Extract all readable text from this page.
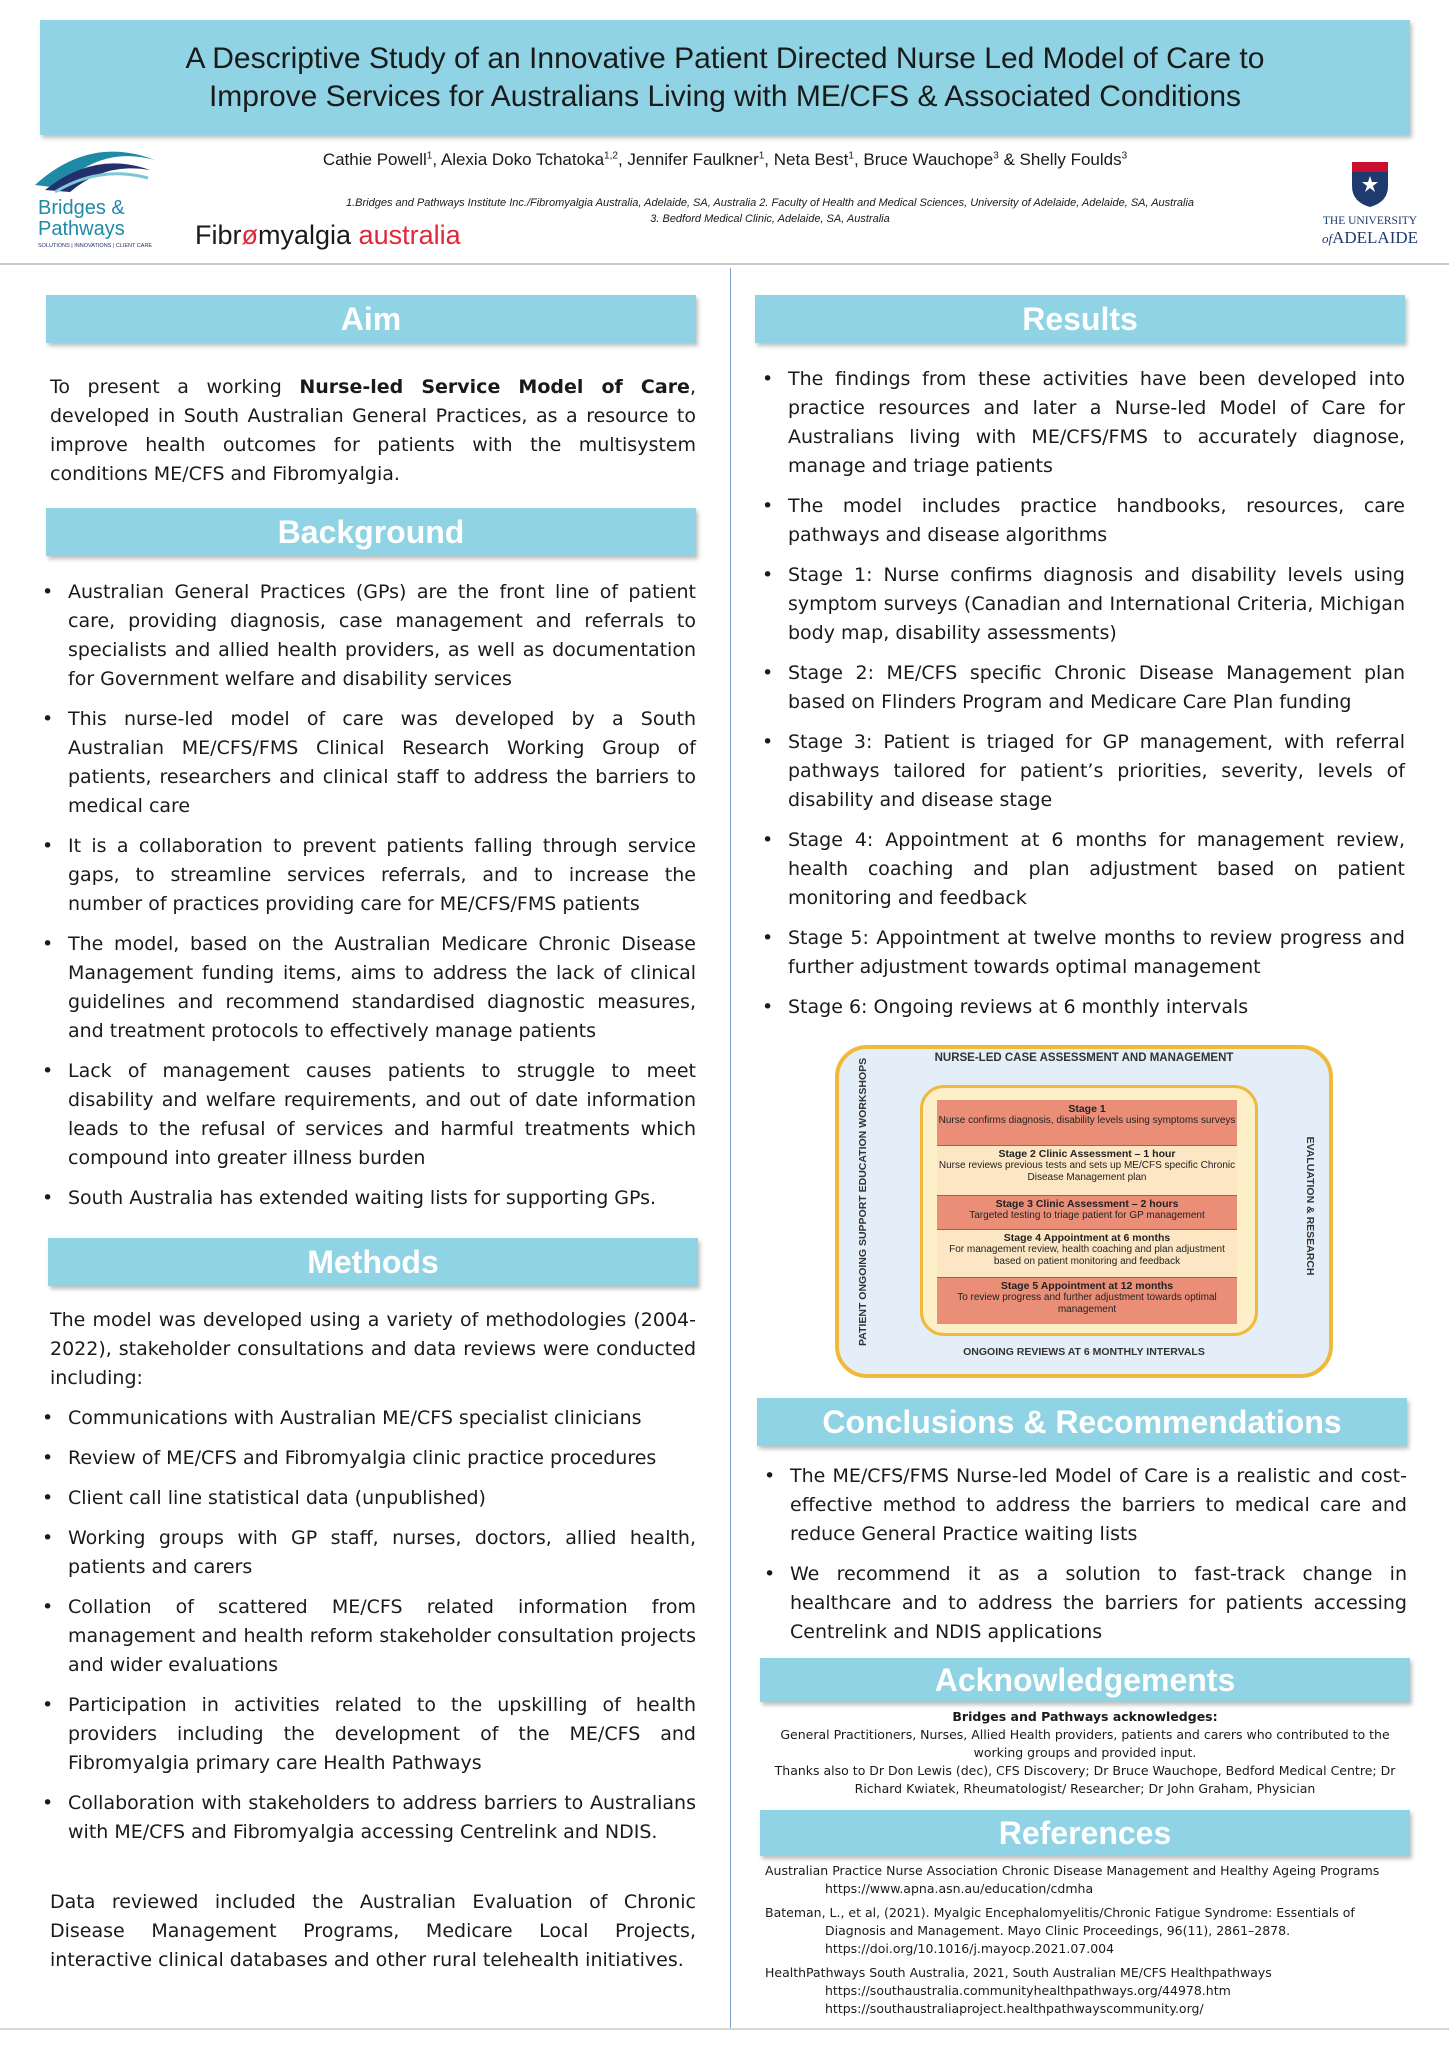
A Descriptive Study of an Innovative Patient Directed Nurse Led Model of Care to
Improve Services for Australians Living with ME/CFS & Associated Conditions
Bridges &
Pathways
SOLUTIONS | INNOVATIONS | CLIENT CARE Fibrømyalgia australia
Cathie Powell$^1$, Alexia Doko Tchatoka$^{1,2}$, Jennifer Faulkner$^1$, Neta Best$^1$, Bruce Wauchope$^3$ & Shelly Foulds$^3$
1.Bridges and Pathways Institute Inc./Fibromyalgia Australia, Adelaide, SA, Australia 2. Faculty of Health and Medical Sciences, University of Adelaide, Adelaide, SA, Australia
3. Bedford Medical Clinic, Adelaide, SA, Australia	THE UNIVERSITY
ofADELAIDE
Aim
To present a working Nurse-led Service Model of Care, developed in South Australian General Practices, as a resource to improve health outcomes for patients with the multisystem conditions ME/CFS and Fibromyalgia.
Background
• Australian General Practices (GPs) are the front line of patient care, providing diagnosis, case management and referrals to specialists and allied health providers, as well as documentation for Government welfare and disability services
• This nurse-led model of care was developed by a South Australian ME/CFS/FMS Clinical Research Working Group of patients, researchers and clinical staff to address the barriers to medical care
• It is a collaboration to prevent patients falling through service gaps, to streamline services referrals, and to increase the number of practices providing care for ME/CFS/FMS patients
• The model, based on the Australian Medicare Chronic Disease Management funding items, aims to address the lack of clinical guidelines and recommend standardised diagnostic measures, and treatment protocols to effectively manage patients
• Lack of management causes patients to struggle to meet disability and welfare requirements, and out of date information leads to the refusal of services and harmful treatments which compound into greater illness burden
• South Australia has extended waiting lists for supporting GPs.
Methods
The model was developed using a variety of methodologies (2004-2022), stakeholder consultations and data reviews were conducted including:
• Communications with Australian ME/CFS specialist clinicians
• Review of ME/CFS and Fibromyalgia clinic practice procedures
• Client call line statistical data (unpublished)
• Working groups with GP staff, nurses, doctors, allied health, patients and carers
• Collation of scattered ME/CFS related information from management and health reform stakeholder consultation projects and wider evaluations
• Participation in activities related to the upskilling of health providers including the development of the ME/CFS and Fibromyalgia primary care Health Pathways
• Collaboration with stakeholders to address barriers to Australians with ME/CFS and Fibromyalgia accessing Centrelink and NDIS.
Data reviewed included the Australian Evaluation of Chronic Disease Management Programs, Medicare Local Projects, interactive clinical databases and other rural telehealth initiatives.
Results
• The findings from these activities have been developed into practice resources and later a Nurse-led Model of Care for Australians living with ME/CFS/FMS to accurately diagnose, manage and triage patients
• The model includes practice handbooks, resources, care pathways and disease algorithms
• Stage 1: Nurse confirms diagnosis and disability levels using symptom surveys (Canadian and International Criteria, Michigan body map, disability assessments)
• Stage 2: ME/CFS specific Chronic Disease Management plan based on Flinders Program and Medicare Care Plan funding
• Stage 3: Patient is triaged for GP management, with referral pathways tailored for patient’s priorities, severity, levels of disability and disease stage
• Stage 4: Appointment at 6 months for management review, health coaching and plan adjustment based on patient monitoring and feedback
• Stage 5: Appointment at twelve months to review progress and further adjustment towards optimal management
• Stage 6: Ongoing reviews at 6 monthly intervals
NURSE-LED CASE ASSESSMENT AND MANAGEMENT
ONGOING REVIEWS AT 6 MONTHLY INTERVALS
PATIENT ONGOING SUPPORT EDUCATION WORKSHOPS	EVALUATION & RESEARCH
Stage 1
Nurse confirms diagnosis, disability levels using symptoms surveys
Stage 2 Clinic Assessment – 1 hour
Nurse reviews previous tests and sets up ME/CFS specific Chronic Disease Management plan
Stage 3 Clinic Assessment – 2 hours
Targeted testing to triage patient for GP management
Stage 4 Appointment at 6 months
For management review, health coaching and plan adjustment based on patient monitoring and feedback
Stage 5 Appointment at 12 months
To review progress and further adjustment towards optimal management
Conclusions & Recommendations
• The ME/CFS/FMS Nurse-led Model of Care is a realistic and cost-effective method to address the barriers to medical care and reduce General Practice waiting lists
• We recommend it as a solution to fast-track change in healthcare and to address the barriers for patients accessing Centrelink and NDIS applications
Acknowledgements
Bridges and Pathways acknowledges:
General Practitioners, Nurses, Allied Health providers, patients and carers who contributed to the working groups and provided input.
Thanks also to Dr Don Lewis (dec), CFS Discovery; Dr Bruce Wauchope, Bedford Medical Centre; Dr Richard Kwiatek, Rheumatologist/ Researcher; Dr John Graham, Physician
References

Australian Practice Nurse Association Chronic Disease Management and Healthy Ageing Programs
https://www.apna.asn.au/education/cdmha

Bateman, L., et al, (2021). Myalgic Encephalomyelitis/Chronic Fatigue Syndrome: Essentials of
Diagnosis and Management. Mayo Clinic Proceedings, 96(11), 2861–2878.
https://doi.org/10.1016/j.mayocp.2021.07.004

HealthPathways South Australia, 2021, South Australian ME/CFS Healthpathways
https://southaustralia.communityhealthpathways.org/44978.htm
https://southaustraliaproject.healthpathwayscommunity.org/
